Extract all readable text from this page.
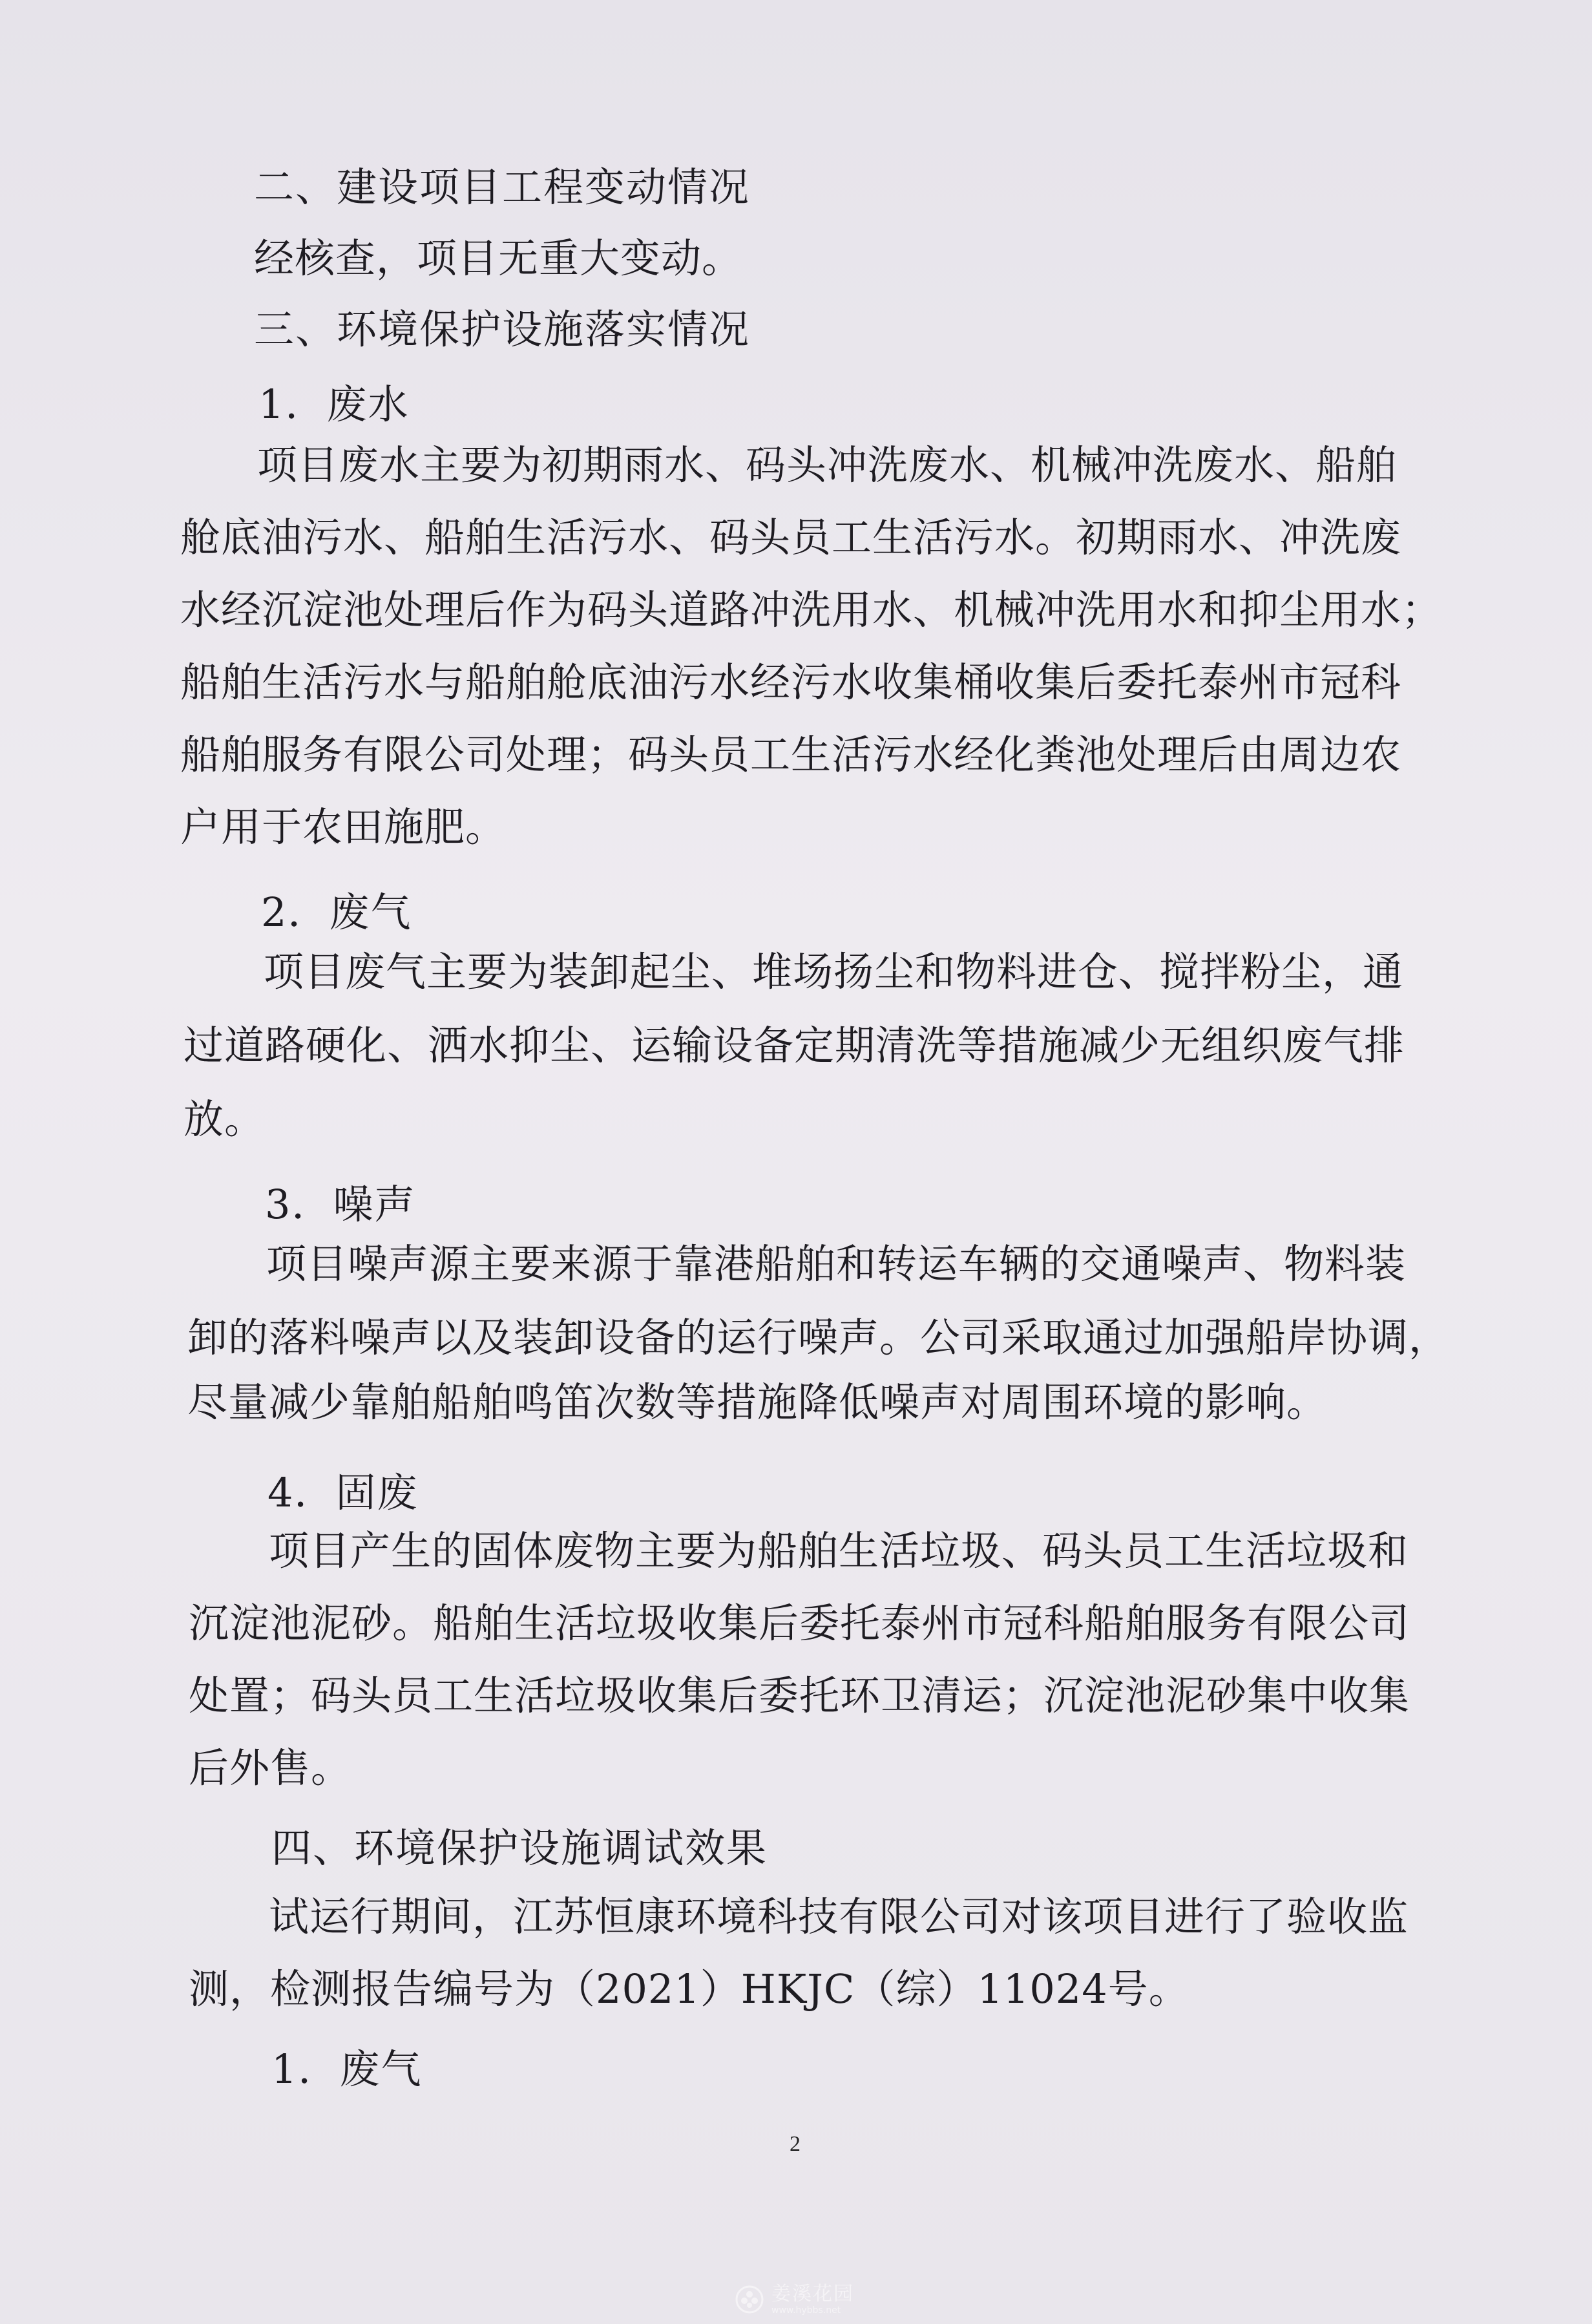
二、建设项目工程变动情况

经核查，项目无重大变动。

三、环境保护设施落实情况

1．废水

项目废水主要为初期雨水、码头冲洗废水、机械冲洗废水、船舶

舱底油污水、船舶生活污水、码头员工生活污水。初期雨水、冲洗废

水经沉淀池处理后作为码头道路冲洗用水、机械冲洗用水和抑尘用水；

船舶生活污水与船舶舱底油污水经污水收集桶收集后委托泰州市冠科

船舶服务有限公司处理；码头员工生活污水经化粪池处理后由周边农

户用于农田施肥。

2．废气

项目废气主要为装卸起尘、堆场扬尘和物料进仓、搅拌粉尘，通

过道路硬化、洒水抑尘、运输设备定期清洗等措施减少无组织废气排

放。

3．噪声

项目噪声源主要来源于靠港船舶和转运车辆的交通噪声、物料装

卸的落料噪声以及装卸设备的运行噪声。公司采取通过加强船岸协调，

尽量减少靠舶船舶鸣笛次数等措施降低噪声对周围环境的影响。

4．固废

项目产生的固体废物主要为船舶生活垃圾、码头员工生活垃圾和

沉淀池泥砂。船舶生活垃圾收集后委托泰州市冠科船舶服务有限公司

处置；码头员工生活垃圾收集后委托环卫清运；沉淀池泥砂集中收集

后外售。

四、环境保护设施调试效果

试运行期间，江苏恒康环境科技有限公司对该项目进行了验收监

测，检测报告编号为（2021）HKJC（综）11024号。

1．废气

2
姜溪花园
www.hybbs.net
